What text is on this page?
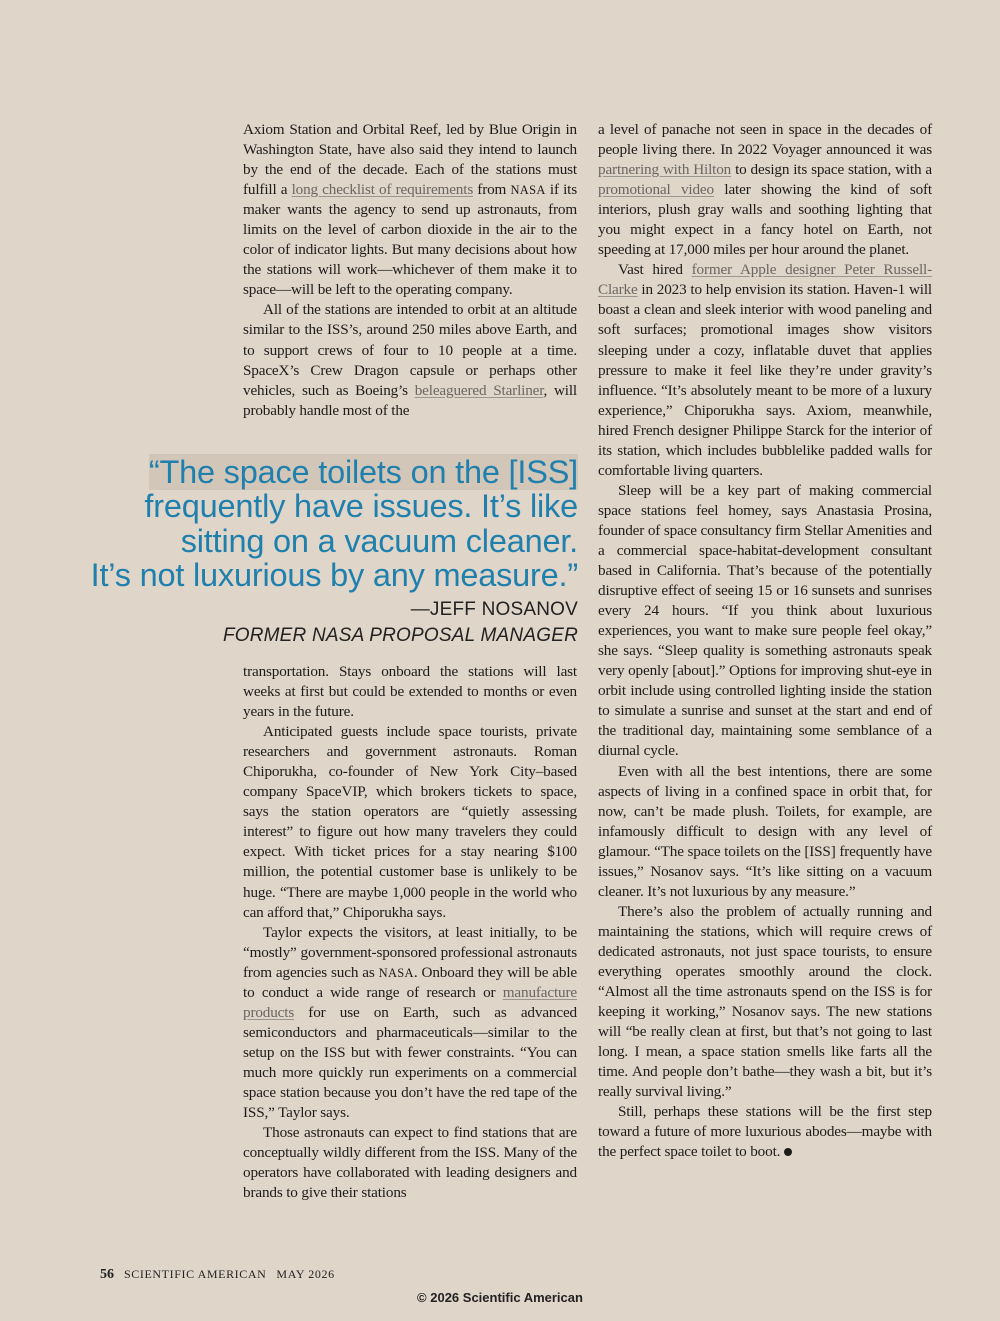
Axiom Station and Orbital Reef, led by Blue Origin in Washington State, have also said they intend to launch by the end of the decade. Each of the stations must fulfill a long checklist of requirements from NASA if its maker wants the agency to send up astronauts, from limits on the level of carbon dioxide in the air to the color of indicator lights. But many decisions about how the stations will work—whichever of them make it to space—will be left to the operating company.

All of the stations are intended to orbit at an altitude similar to the ISS’s, around 250 miles above Earth, and to support crews of four to 10 people at a time. SpaceX’s Crew Dragon capsule or perhaps other vehicles, such as Boeing’s beleaguered Starliner, will probably handle most of the

“The space toilets on the [ISS]
frequently have issues. It’s like
sitting on a vacuum cleaner.
It’s not luxurious by any measure.”

—JEFF NOSANOV
FORMER NASA PROPOSAL MANAGER

transportation. Stays onboard the stations will last weeks at first but could be extended to months or even years in the future.

Anticipated guests include space tourists, private researchers and government astronauts. Roman Chiporukha, co-founder of New York City–based company SpaceVIP, which brokers tickets to space, says the station operators are “quietly assessing interest” to figure out how many travelers they could expect. With ticket prices for a stay nearing $100 million, the potential customer base is unlikely to be huge. “There are maybe 1,000 people in the world who can afford that,” Chiporukha says.

Taylor expects the visitors, at least initially, to be “mostly” government-sponsored professional astronauts from agencies such as NASA. Onboard they will be able to conduct a wide range of research or manufacture products for use on Earth, such as advanced semiconductors and pharmaceuticals—similar to the setup on the ISS but with fewer constraints. “You can much more quickly run experiments on a commercial space station because you don’t have the red tape of the ISS,” Taylor says.

Those astronauts can expect to find stations that are conceptually wildly different from the ISS. Many of the operators have collaborated with leading designers and brands to give their stations

a level of panache not seen in space in the decades of people living there. In 2022 Voyager announced it was partnering with Hilton to design its space station, with a promotional video later showing the kind of soft interiors, plush gray walls and soothing lighting that you might expect in a fancy hotel on Earth, not speeding at 17,000 miles per hour around the planet.

Vast hired former Apple designer Peter Russell-Clarke in 2023 to help envision its station. Haven-1 will boast a clean and sleek interior with wood paneling and soft surfaces; promotional images show visitors sleeping under a cozy, inflatable duvet that applies pressure to make it feel like they’re under gravity’s influence. “It’s absolutely meant to be more of a luxury experience,” Chiporukha says. Axiom, meanwhile, hired French designer Philippe Starck for the interior of its station, which includes bubblelike padded walls for comfortable living quarters.

Sleep will be a key part of making commercial space stations feel homey, says Anastasia Prosina, founder of space consultancy firm Stellar Amenities and a commercial space-habitat-development consultant based in California. That’s because of the potentially disruptive effect of seeing 15 or 16 sunsets and sunrises every 24 hours. “If you think about luxurious experiences, you want to make sure people feel okay,” she says. “Sleep quality is something astronauts speak very openly [about].” Options for improving shut-eye in orbit include using controlled lighting inside the station to simulate a sunrise and sunset at the start and end of the traditional day, maintaining some semblance of a diurnal cycle.

Even with all the best intentions, there are some aspects of living in a confined space in orbit that, for now, can’t be made plush. Toilets, for example, are infamously difficult to design with any level of glamour. “The space toilets on the [ISS] frequently have issues,” Nosanov says. “It’s like sitting on a vacuum cleaner. It’s not luxurious by any measure.”

There’s also the problem of actually running and maintaining the stations, which will require crews of dedicated astronauts, not just space tourists, to ensure everything operates smoothly around the clock. “Almost all the time astronauts spend on the ISS is for keeping it working,” Nosanov says. The new stations will “be really clean at first, but that’s not going to last long. I mean, a space station smells like farts all the time. And people don’t bathe—they wash a bit, but it’s really survival living.”

Still, perhaps these stations will be the first step toward a future of more luxurious abodes—maybe with the perfect space toilet to boot.

56 SCIENTIFIC AMERICAN MAY 2026
© 2026 Scientific American
